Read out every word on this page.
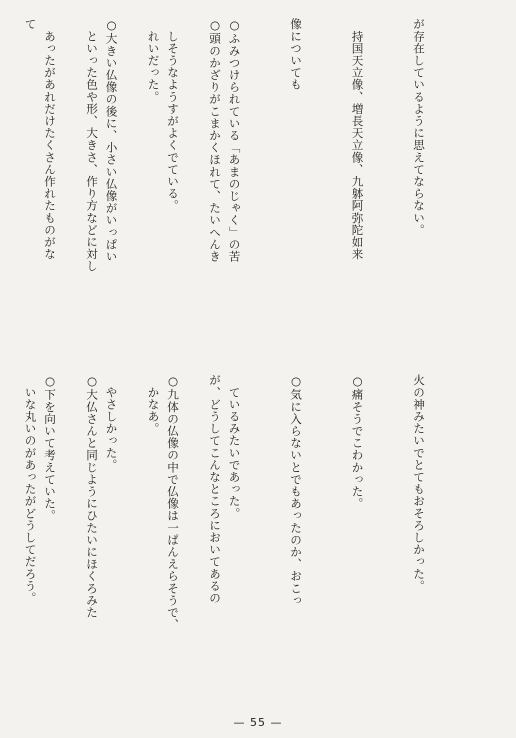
が存在しているように思えてならない。

　持国天立像、増長天立像、九躰阿弥陀如来

像についても

○ふみつけられている「あまのじゃく」の苦

　しそうなようすがよくでている。

○大きい仏像の後に、小さい仏像がいっぱい

　あったがあれだけたくさん作れたものがな

	○頭のかざりがこまかくほれて、たいへんき

　れいだった。

　といった色や形、大きさ、作り方などに対し

て

火の神みたいでとてもおそろしかった。

○痛そうでこわかった。

○気に入らないとでもあったのか、おこっ

　ているみたいであった。

○九体の仏像の中で仏像は一ぱんえらそうで、

　やさしかった。

○下を向いて考えていた。

	が、どうしてこんなところにおいてあるの

　かなあ。

○大仏さんと同じようにひたいにほくろみた

　いな丸いのがあったがどうしてだろう。

— 55 —
